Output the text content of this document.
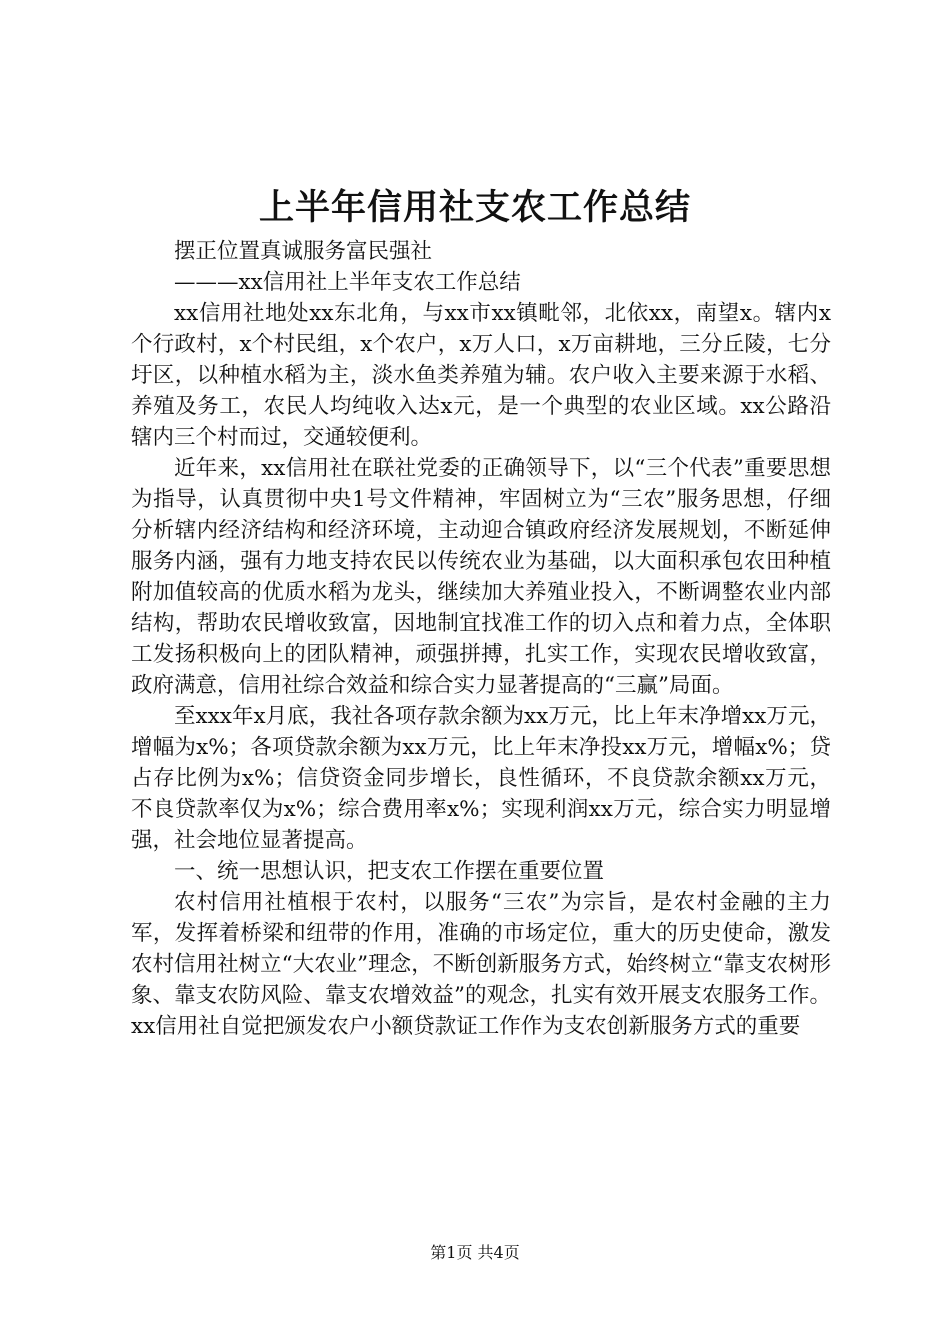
上半年信用社支农工作总结

摆正位置真诚服务富民强社

———xx信用社上半年支农工作总结

xx信用社地处xx东北角，与xx市xx镇毗邻，北依xx，南望x。辖内x个行政村，x个村民组，x个农户，x万人口，x万亩耕地，三分丘陵，七分圩区，以种植水稻为主，淡水鱼类养殖为辅。农户收入主要来源于水稻、养殖及务工，农民人均纯收入达x元，是一个典型的农业区域。xx公路沿辖内三个村而过，交通较便利。

近年来，xx信用社在联社党委的正确领导下，以“三个代表”重要思想为指导，认真贯彻中央1号文件精神，牢固树立为“三农”服务思想，仔细分析辖内经济结构和经济环境，主动迎合镇政府经济发展规划，不断延伸服务内涵，强有力地支持农民以传统农业为基础，以大面积承包农田种植附加值较高的优质水稻为龙头，继续加大养殖业投入，不断调整农业内部结构，帮助农民增收致富，因地制宜找准工作的切入点和着力点，全体职工发扬积极向上的团队精神，顽强拼搏，扎实工作，实现农民增收致富，政府满意，信用社综合效益和综合实力显著提高的“三赢”局面。

至xxx年x月底，我社各项存款余额为xx万元，比上年末净增xx万元，增幅为x%；各项贷款余额为xx万元，比上年末净投xx万元，增幅x%；贷占存比例为x%；信贷资金同步增长，良性循环，不良贷款余额xx万元，不良贷款率仅为x%；综合费用率x%；实现利润xx万元，综合实力明显增强，社会地位显著提高。

一、统一思想认识，把支农工作摆在重要位置

农村信用社植根于农村，以服务“三农”为宗旨，是农村金融的主力军，发挥着桥梁和纽带的作用，准确的市场定位，重大的历史使命，激发农村信用社树立“大农业”理念，不断创新服务方式，始终树立“靠支农树形象、靠支农防风险、靠支农增效益”的观念，扎实有效开展支农服务工作。xx信用社自觉把颁发农户小额贷款证工作作为支农创新服务方式的重要

第1页 共4页
